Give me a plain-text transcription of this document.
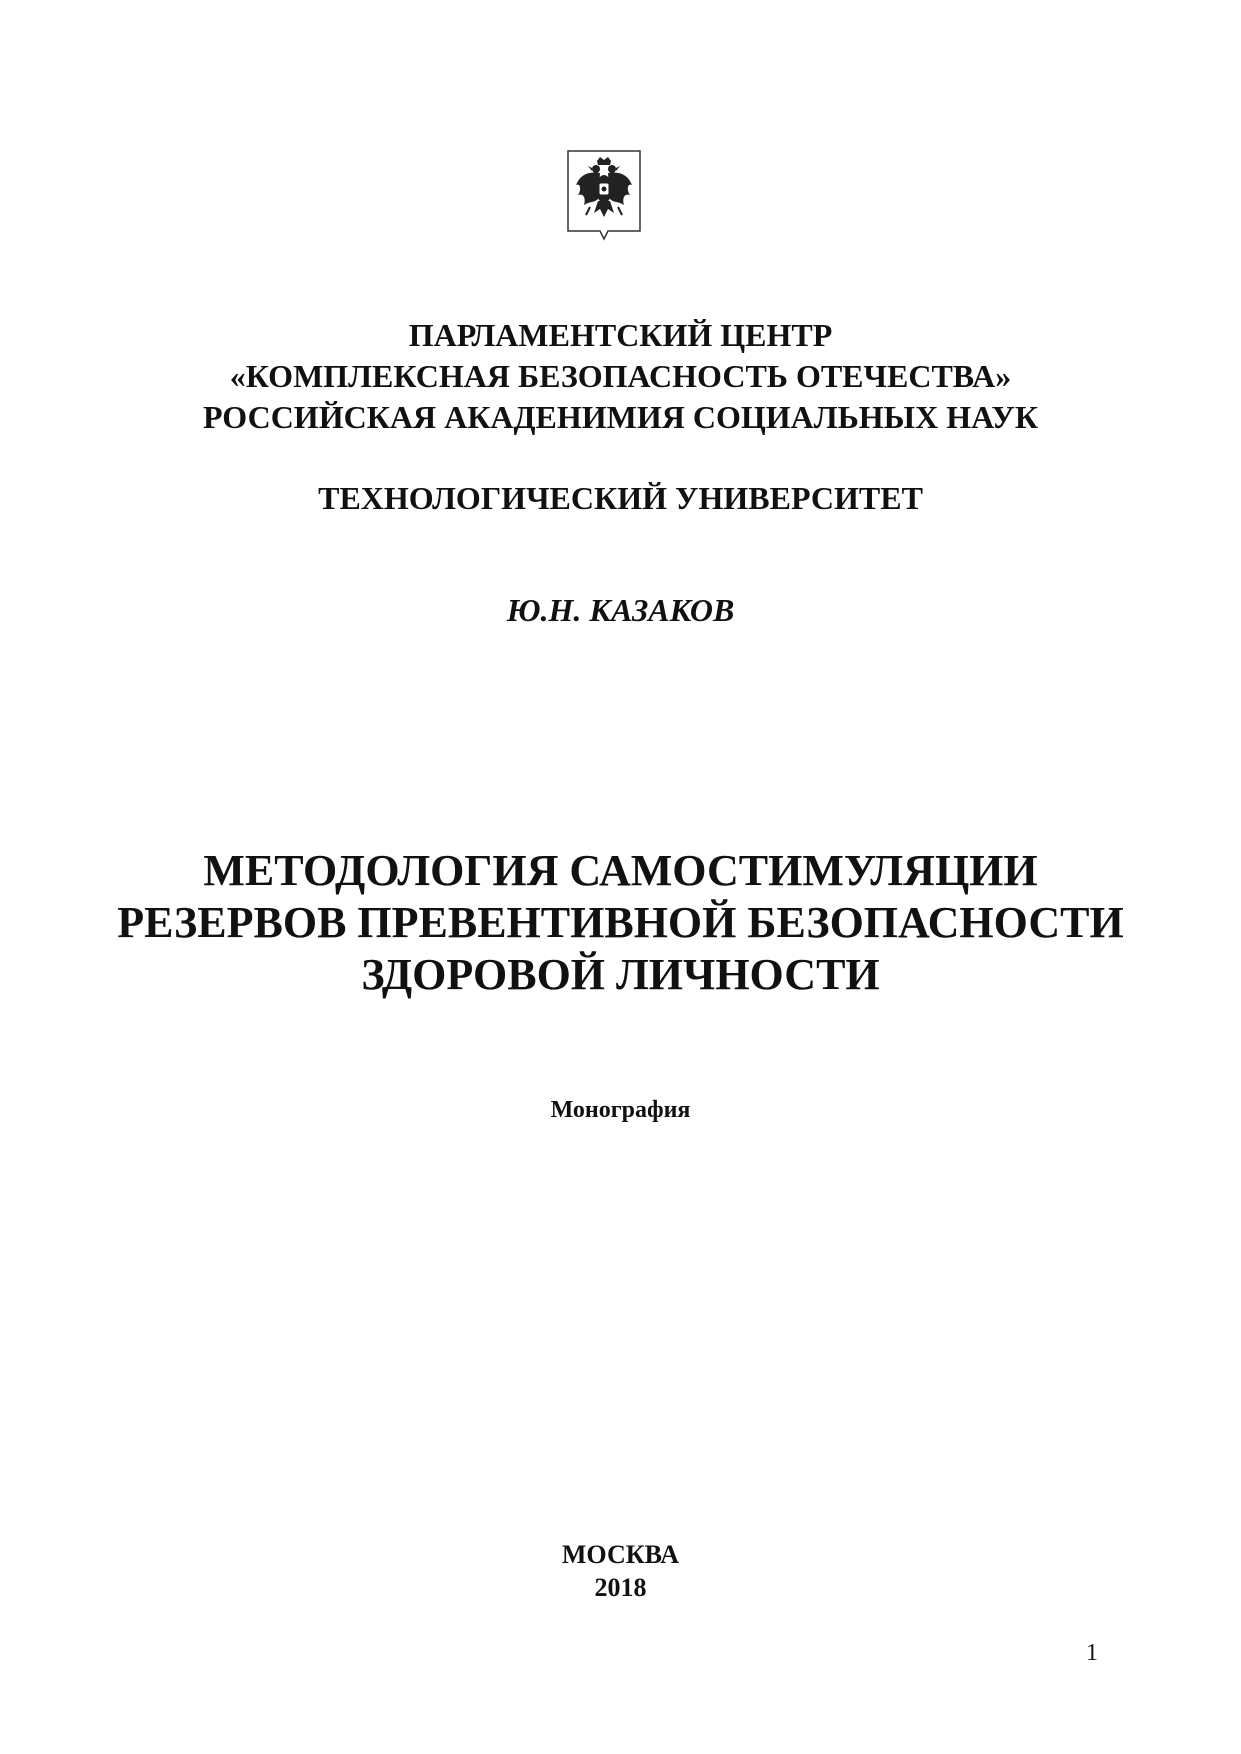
ПАРЛАМЕНТСКИЙ ЦЕНТР
«КОМПЛЕКСНАЯ БЕЗОПАСНОСТЬ ОТЕЧЕСТВА»
РОССИЙСКАЯ АКАДЕНИМИЯ СОЦИАЛЬНЫХ НАУК
ТЕХНОЛОГИЧЕСКИЙ УНИВЕРСИТЕТ
Ю.Н. КАЗАКОВ
МЕТОДОЛОГИЯ САМОСТИМУЛЯЦИИ
РЕЗЕРВОВ ПРЕВЕНТИВНОЙ БЕЗОПАСНОСТИ
ЗДОРОВОЙ ЛИЧНОСТИ
Монография
МОСКВА
2018
1
